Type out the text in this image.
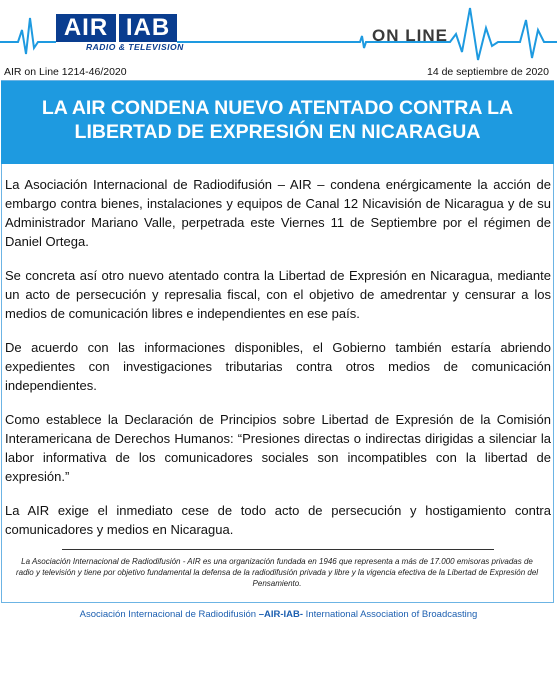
AIR IAB
RADIO & TELEVISION
ON LINE
AIR on Line 1214-46/2020	14 de septiembre de 2020
LA AIR CONDENA NUEVO ATENTADO CONTRA LA
LIBERTAD DE EXPRESIÓN EN NICARAGUA

La Asociación Internacional de Radiodifusión – AIR – condena enérgicamente la acción de embargo contra bienes, instalaciones y equipos de Canal 12 Nicavisión de Nicaragua y de su Administrador Mariano Valle, perpetrada este Viernes 11 de Septiembre por el régimen de Daniel Ortega.

Se concreta así otro nuevo atentado contra la Libertad de Expresión en Nicaragua, mediante un acto de persecución y represalia fiscal, con el objetivo de amedrentar y censurar a los medios de comunicación libres e independientes en ese país.

De acuerdo con las informaciones disponibles, el Gobierno también estaría abriendo expedientes con investigaciones tributarias contra otros medios de comunicación independientes.

Como establece la Declaración de Principios sobre Libertad de Expresión de la Comisión Interamericana de Derechos Humanos: “Presiones directas o indirectas dirigidas a silenciar la labor informativa de los comunicadores sociales son incompatibles con la libertad de expresión.”

La AIR exige el inmediato cese de todo acto de persecución y hostigamiento contra comunicadores y medios en Nicaragua.

La Asociación Internacional de Radiodifusión - AIR es una organización fundada en 1946 que representa a más de 17.000 emisoras privadas de radio y televisión y tiene por objetivo fundamental la defensa de la radiodifusión privada y libre y la vigencia efectiva de la Libertad de Expresión del Pensamiento.
Asociación Internacional de Radiodifusión –AIR-IAB- International Association of Broadcasting
